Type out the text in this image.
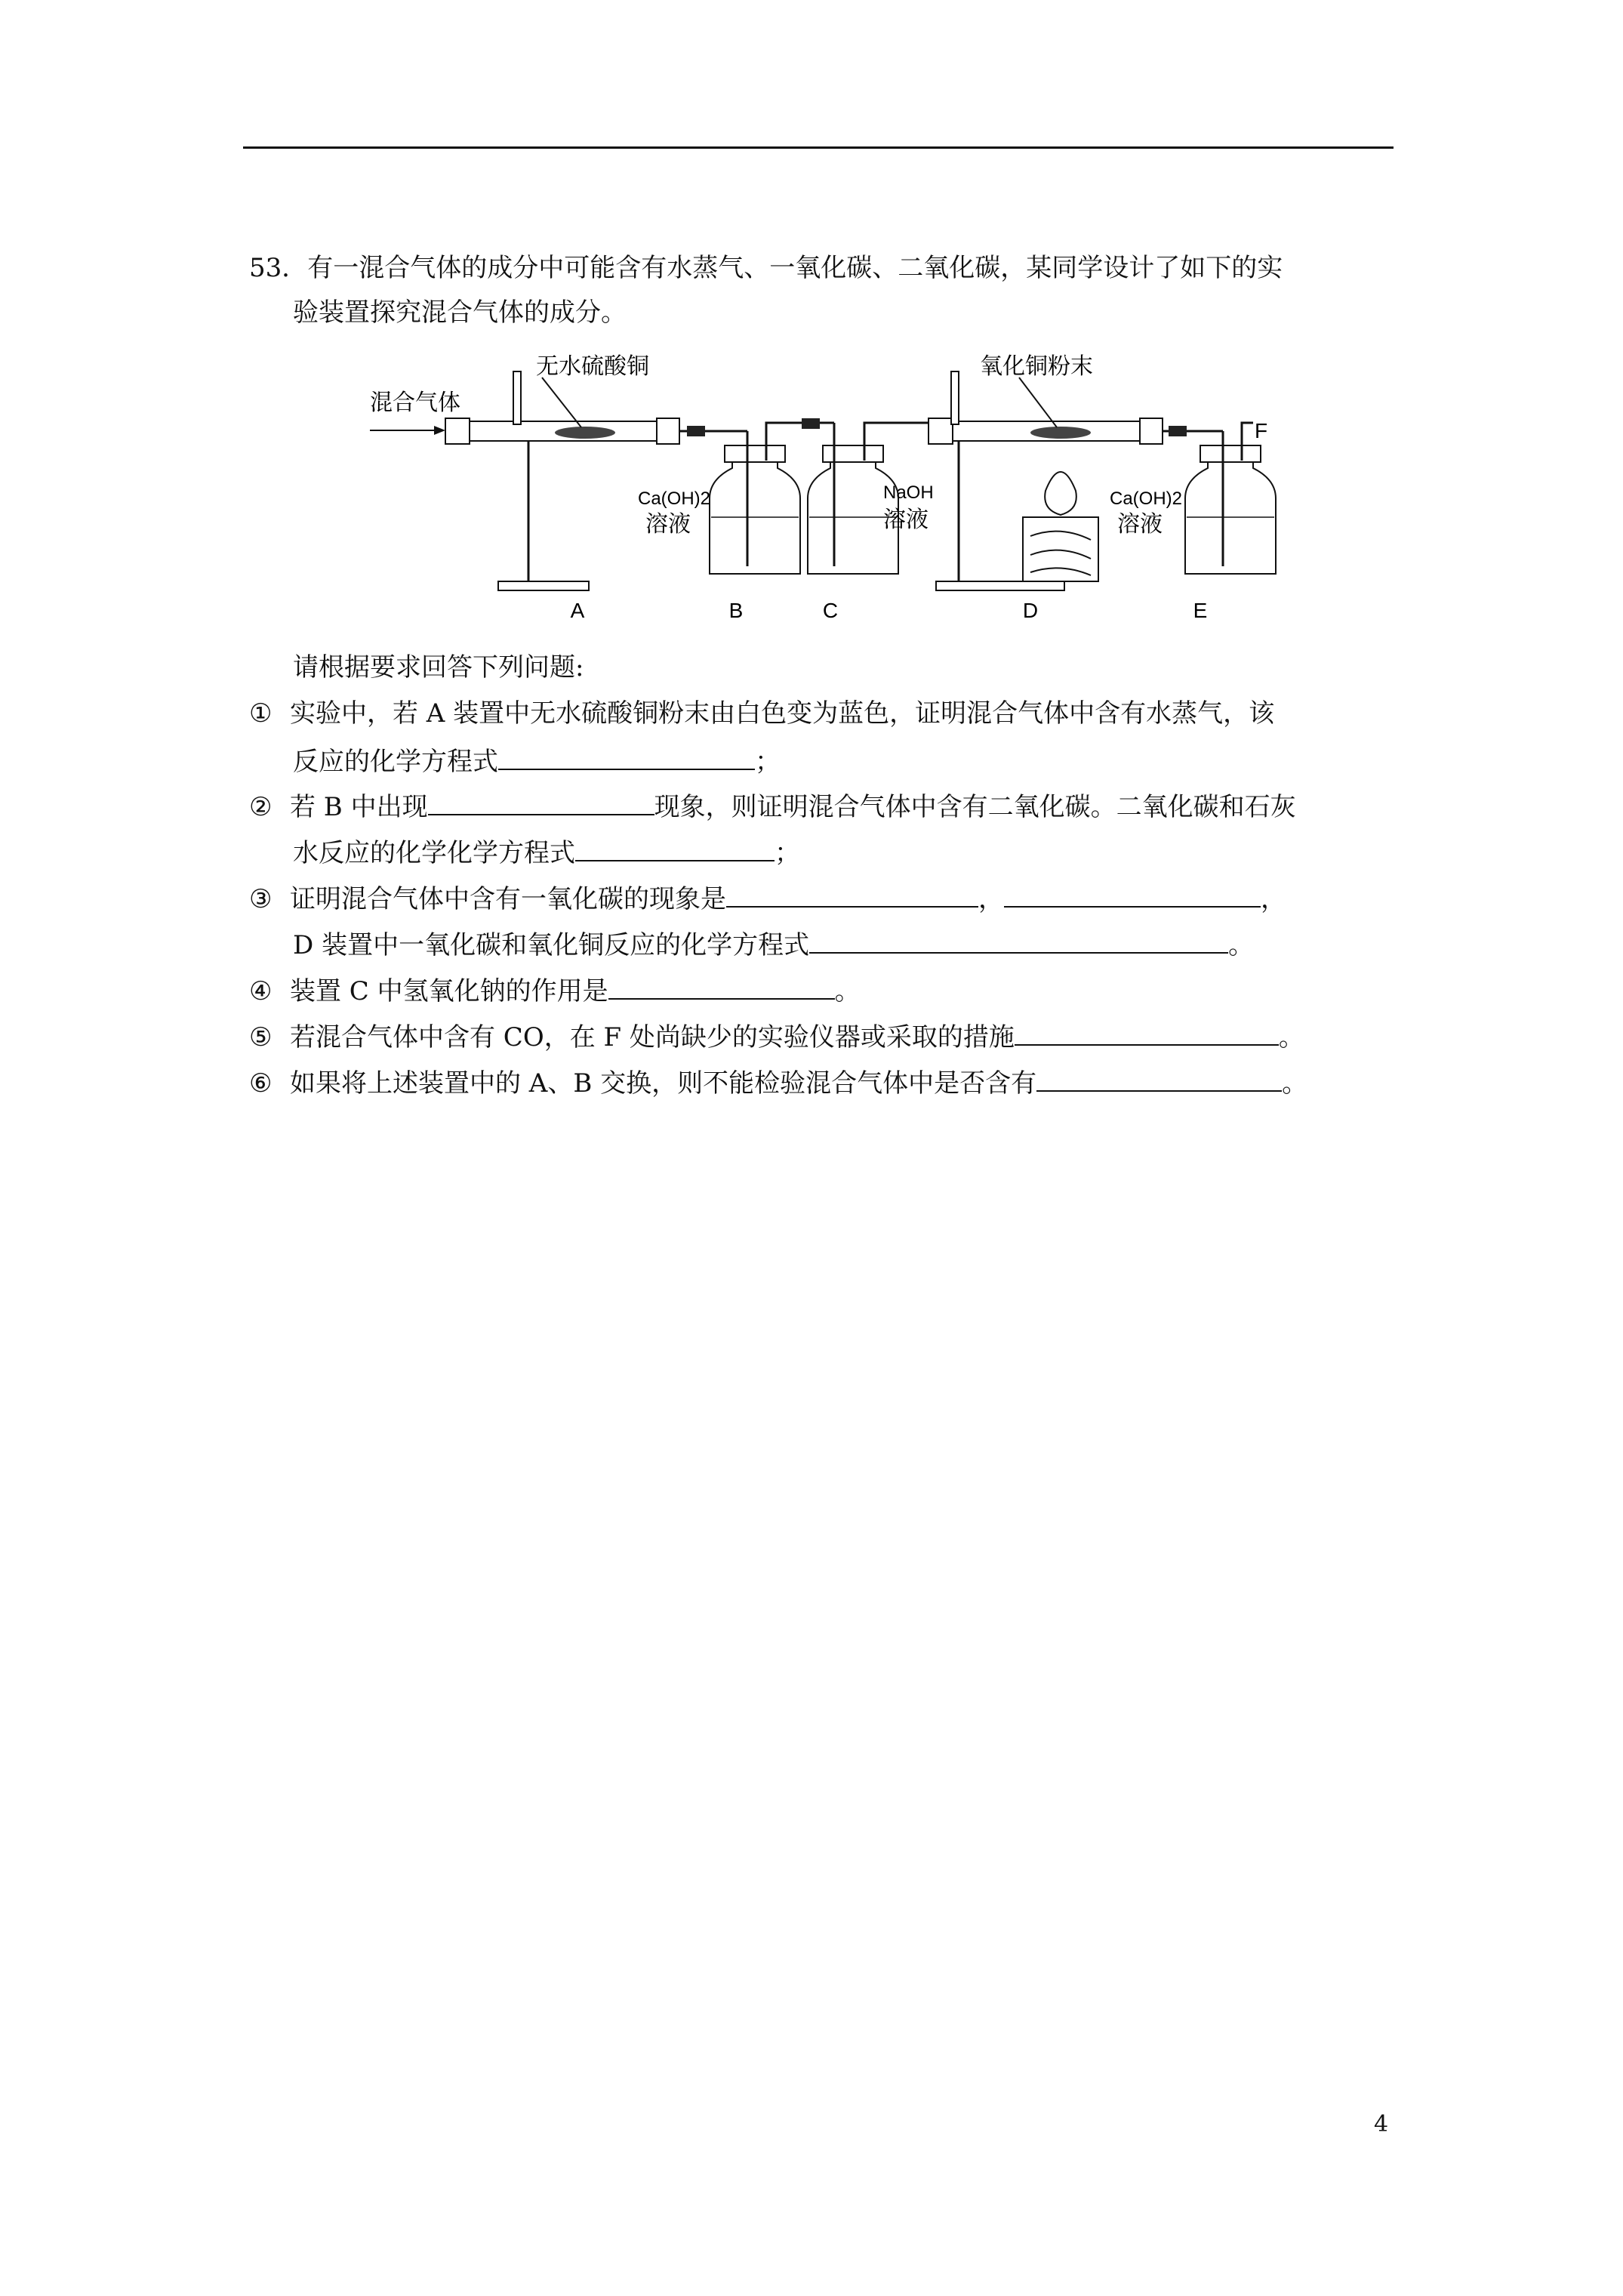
53．有一混合气体的成分中可能含有水蒸气、一氧化碳、二氧化碳，某同学设计了如下的实
验装置探究混合气体的成分。
混合气体
无水硫酸铜
Ca(OH)2
溶液
NaOH
溶液
氧化铜粉末
Ca(OH)2
溶液
F
A	B	C	D	E
请根据要求回答下列问题:
① 实验中，若 A 装置中无水硫酸铜粉末由白色变为蓝色，证明混合气体中含有水蒸气，该
反应的化学方程式	；
② 若 B 中出现	现象，则证明混合气体中含有二氧化碳。二氧化碳和石灰
水反应的化学化学方程式	；
③ 证明混合气体中含有一氧化碳的现象是	，	，
D 装置中一氧化碳和氧化铜反应的化学方程式	。
④ 装置 C 中氢氧化钠的作用是	。
⑤ 若混合气体中含有 CO，在 F 处尚缺少的实验仪器或采取的措施	。
⑥ 如果将上述装置中的 A、B 交换，则不能检验混合气体中是否含有	。
4
